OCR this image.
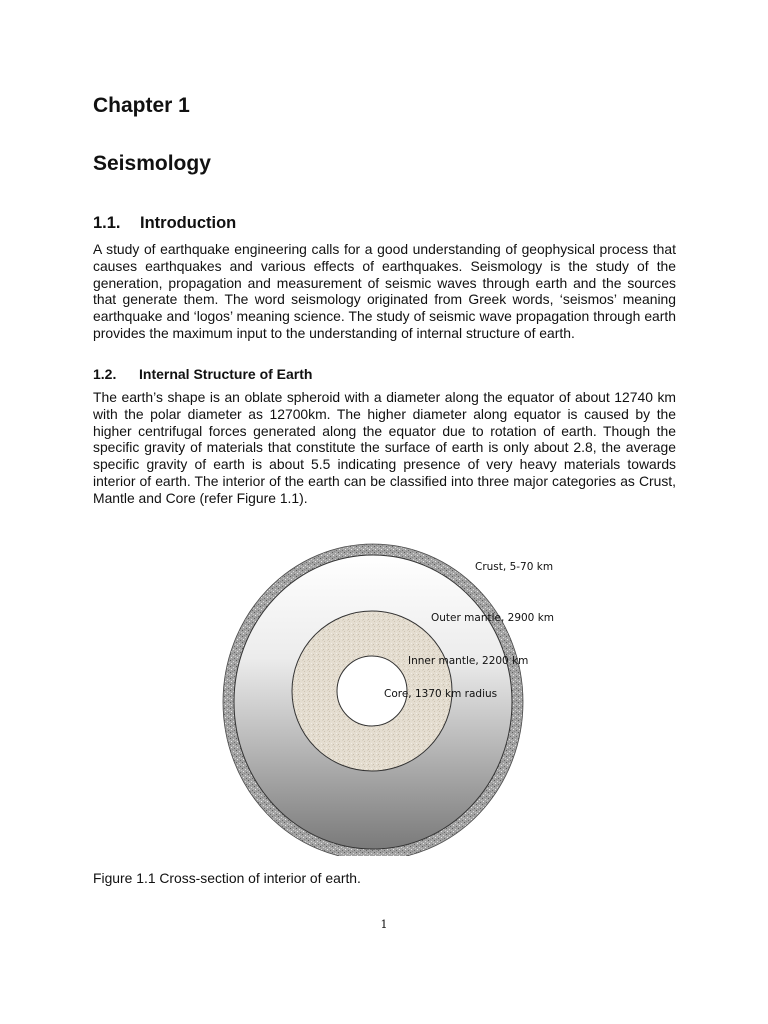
Chapter 1
Seismology
1.1.	Introduction

A study of earthquake engineering calls for a good understanding of geophysical process that causes earthquakes and various effects of earthquakes. Seismology is the study of the generation, propagation and measurement of seismic waves through earth and the sources that generate them. The word seismology originated from Greek words, ‘seismos’ meaning earthquake and ‘logos’ meaning science. The study of seismic wave propagation through earth provides the maximum input to the understanding of internal structure of earth.

1.2.	Internal Structure of Earth

The earth’s shape is an oblate spheroid with a diameter along the equator of about 12740 km with the polar diameter as 12700km. The higher diameter along equator is caused by the higher centrifugal forces generated along the equator due to rotation of earth. Though the specific gravity of materials that constitute the surface of earth is only about 2.8, the average specific gravity of earth is about 5.5 indicating presence of very heavy materials towards interior of earth. The interior of the earth can be classified into three major categories as Crust, Mantle and Core (refer Figure 1.1).

Crust, 5-70 km
Outer mantle, 2900 km
Inner mantle, 2200 km
Core, 1370 km radius

Figure 1.1 Cross-section of interior of earth.

1
